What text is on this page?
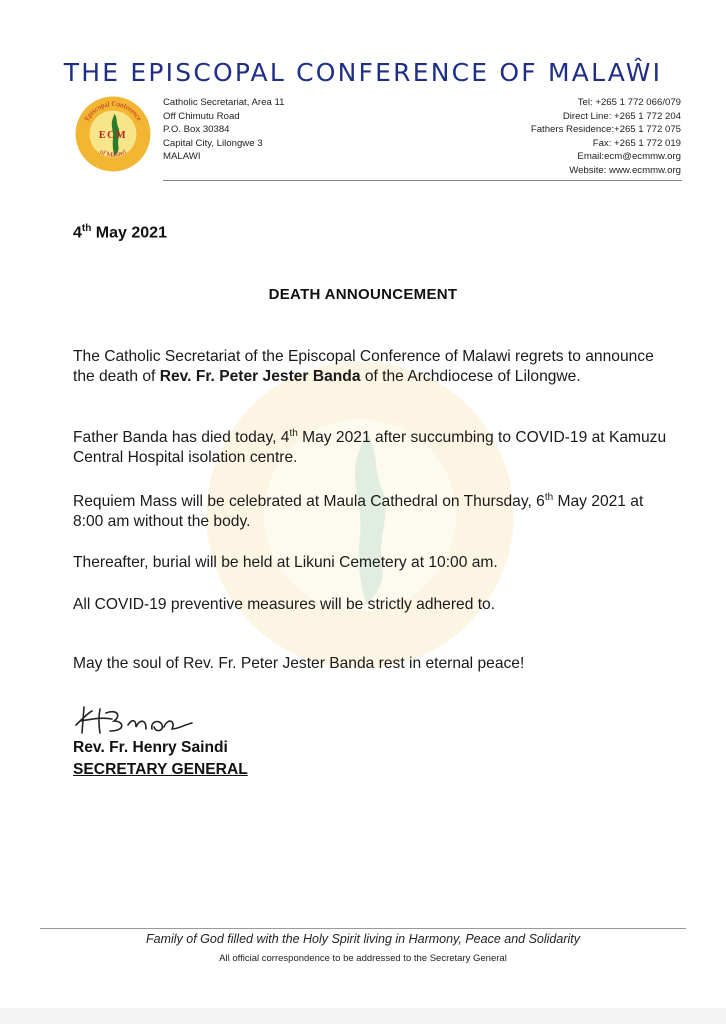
THE EPISCOPAL CONFERENCE OF MALAŴI
Episcopal Conference
of Malawi
ECM
Catholic Secretariat, Area 11
Off Chimutu Road
P.O. Box 30384
Capital City, Lilongwe 3
MALAWI
Tel: +265 1 772 066/079
Direct Line: +265 1 772 204
Fathers Residence:+265 1 772 075
Fax: +265 1 772 019
Email:ecm@ecmmw.org
Website: www.ecmmw.org
4th May 2021
DEATH ANNOUNCEMENT
The Catholic Secretariat of the Episcopal Conference of Malawi regrets to announce the death of Rev. Fr. Peter Jester Banda of the Archdiocese of Lilongwe.
Father Banda has died today, 4th May 2021 after succumbing to COVID-19 at Kamuzu Central Hospital isolation centre.
Requiem Mass will be celebrated at Maula Cathedral on Thursday, 6th May 2021 at 8:00 am without the body.
Thereafter, burial will be held at Likuni Cemetery at 10:00 am.
All COVID-19 preventive measures will be strictly adhered to.
May the soul of Rev. Fr. Peter Jester Banda rest in eternal peace!
Rev. Fr. Henry Saindi
SECRETARY GENERAL
Family of God filled with the Holy Spirit living in Harmony, Peace and Solidarity
All official correspondence to be addressed to the Secretary General
